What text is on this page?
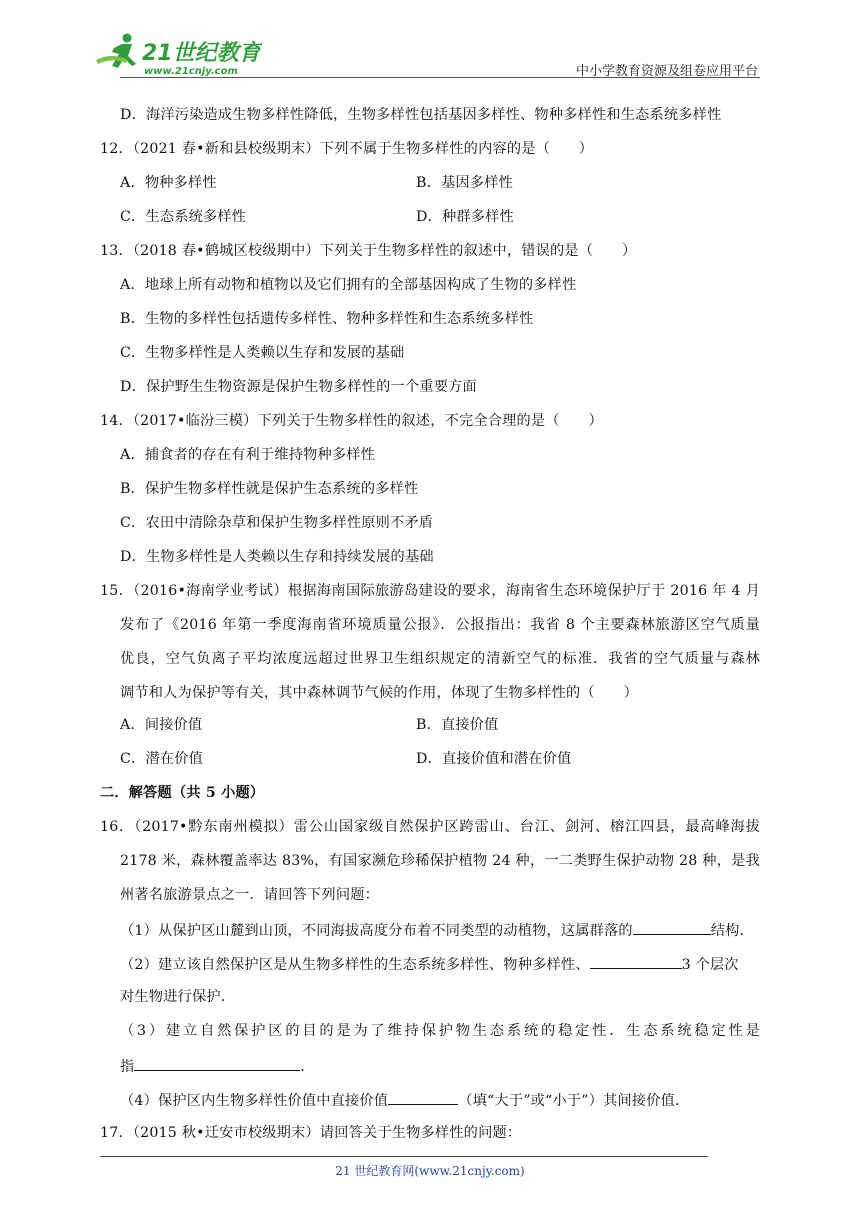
21世纪教育
www.21cnjy.com	中小学教育资源及组卷应用平台
D．海洋污染造成生物多样性降低，生物多样性包括基因多样性、物种多样性和生态系统多样性
12．（2021 春•新和县校级期末）下列不属于生物多样性的内容的是（　　）
A．物种多样性	B．基因多样性
C．生态系统多样性	D．种群多样性
13．（2018 春•鹤城区校级期中）下列关于生物多样性的叙述中，错误的是（　　）
A．地球上所有动物和植物以及它们拥有的全部基因构成了生物的多样性
B．生物的多样性包括遗传多样性、物种多样性和生态系统多样性
C．生物多样性是人类赖以生存和发展的基础
D．保护野生生物资源是保护生物多样性的一个重要方面
14．（2017•临汾三模）下列关于生物多样性的叙述，不完全合理的是（　　）
A．捕食者的存在有利于维持物种多样性
B．保护生物多样性就是保护生态系统的多样性
C．农田中清除杂草和保护生物多样性原则不矛盾
D．生物多样性是人类赖以生存和持续发展的基础
15．（2016•海南学业考试）根据海南国际旅游岛建设的要求，海南省生态环境保护厅于 2016 年 4 月
发布了《2016 年第一季度海南省环境质量公报》．公报指出：我省 8 个主要森林旅游区空气质量
优良，空气负离子平均浓度远超过世界卫生组织规定的清新空气的标准．我省的空气质量与森林
调节和人为保护等有关，其中森林调节气候的作用，体现了生物多样性的（　　）
A．间接价值	B．直接价值
C．潜在价值	D．直接价值和潜在价值
二．解答题（共 5 小题）
16．（2017•黔东南州模拟）雷公山国家级自然保护区跨雷山、台江、剑河、榕江四县，最高峰海拔
2178 米，森林覆盖率达 83%，有国家濒危珍稀保护植物 24 种，一二类野生保护动物 28 种，是我
州著名旅游景点之一．请回答下列问题：
（1）从保护区山麓到山顶，不同海拔高度分布着不同类型的动植物，这属群落的	结构．
（2）建立该自然保护区是从生物多样性的生态系统多样性、物种多样性、	3 个层次
对生物进行保护．
（3）建立自然保护区的目的是为了维持保护物生态系统的稳定性．生态系统稳定性是
指	．
（4）保护区内生物多样性价值中直接价值	（填“大于”或“小于”）其间接价值．
17．（2015 秋•迁安市校级期末）请回答关于生物多样性的问题：
21 世纪教育网(www.21cnjy.com)
